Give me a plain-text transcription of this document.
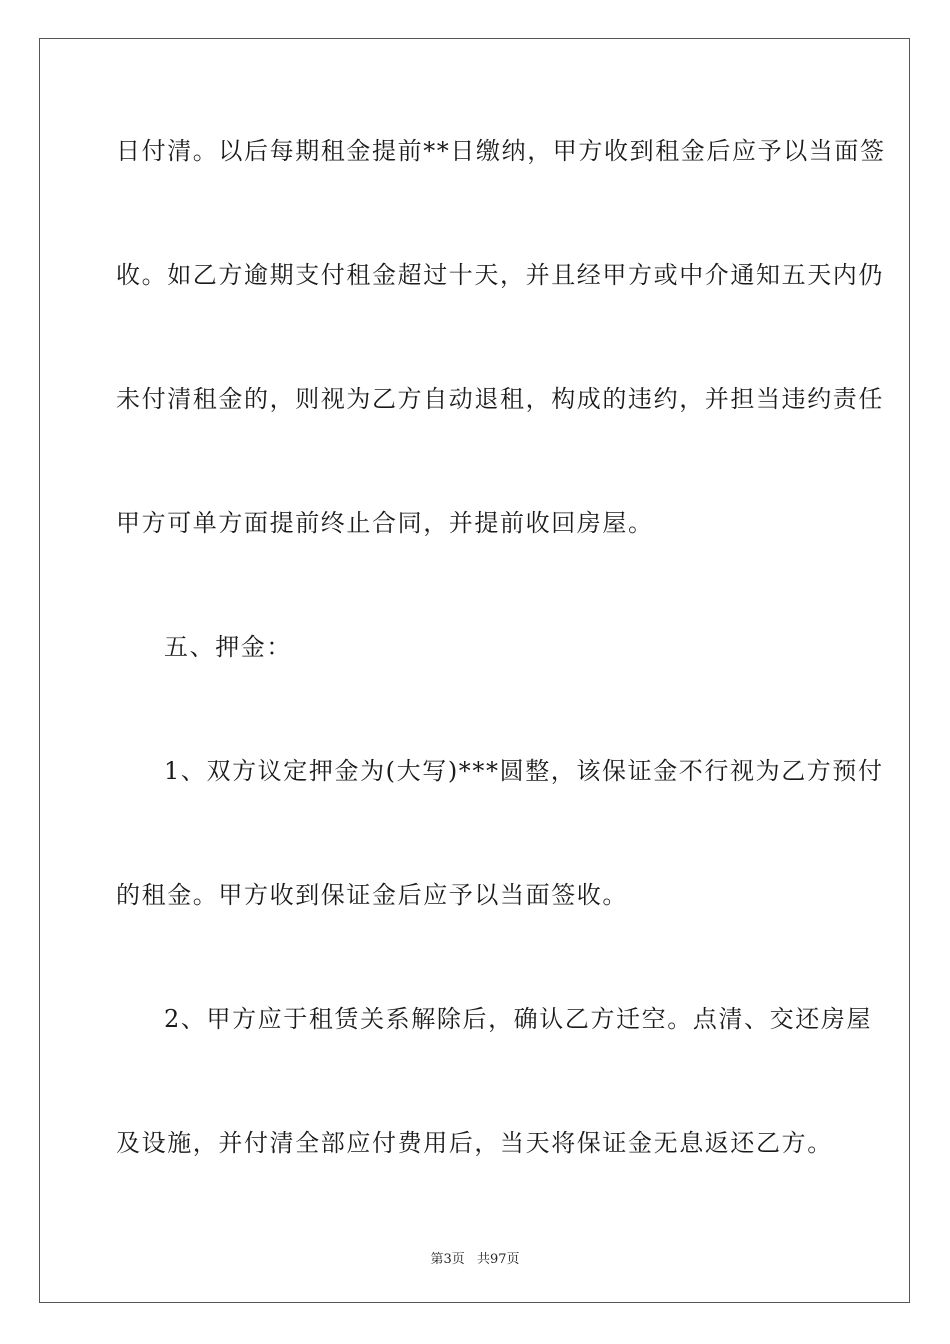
日付清。以后每期租金提前**日缴纳，甲方收到租金后应予以当面签
收。如乙方逾期支付租金超过十天，并且经甲方或中介通知五天内仍
未付清租金的，则视为乙方自动退租，构成的违约，并担当违约责任
甲方可单方面提前终止合同，并提前收回房屋。
五、押金：
1、双方议定押金为(大写)***圆整，该保证金不行视为乙方预付
的租金。甲方收到保证金后应予以当面签收。
2、甲方应于租赁关系解除后，确认乙方迁空。点清、交还房屋
及设施，并付清全部应付费用后，当天将保证金无息返还乙方。
第3页 共97页
